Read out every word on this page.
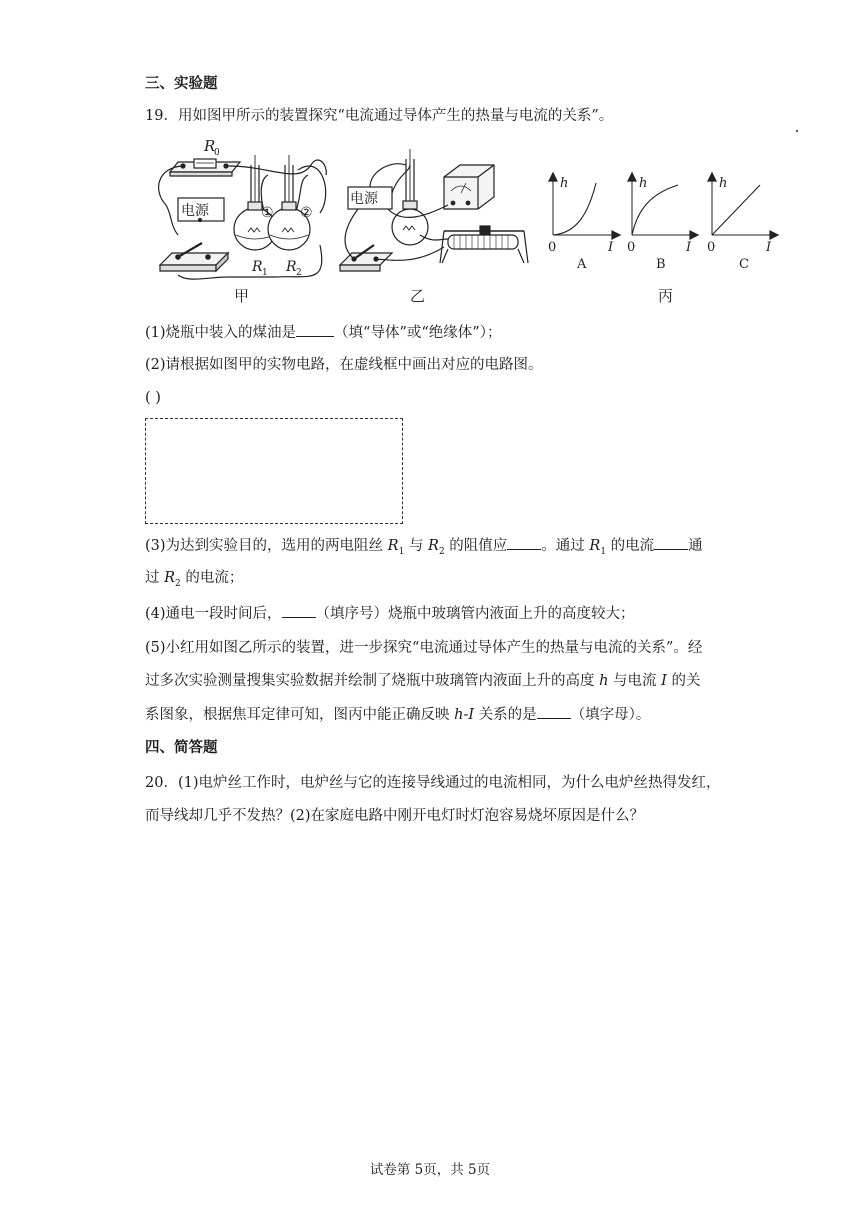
三、实验题
19．用如图甲所示的装置探究“电流通过导体产生的热量与电流的关系”。
R
0
电源	① ②
R 1 R 2
电源
甲	乙	丙
h
0	I
A
h
0	I
B
h
0	I
C
(1)烧瓶中装入的煤油是	（填“导体”或“绝缘体”）；
(2)请根据如图甲的实物电路，在虚线框中画出对应的电路图。
( )
(3)为达到实验目的，选用的两电阻丝 $R_1$ 与 $R_2$ 的阻值应 。通过 $R_1$ 的电流 通
过 $R_2$ 的电流；
(4)通电一段时间后， （填序号）烧瓶中玻璃管内液面上升的高度较大；
(5)小红用如图乙所示的装置，进一步探究“电流通过导体产生的热量与电流的关系”。经
过多次实验测量搜集实验数据并绘制了烧瓶中玻璃管内液面上升的高度 h 与电流 I 的关
系图象，根据焦耳定律可知，图丙中能正确反映 h-I 关系的是 （填字母）。
四、简答题
20．(1)电炉丝工作时，电炉丝与它的连接导线通过的电流相同，为什么电炉丝热得发红，
而导线却几乎不发热？(2)在家庭电路中刚开电灯时灯泡容易烧坏原因是什么？
试卷第 5页，共 5页
